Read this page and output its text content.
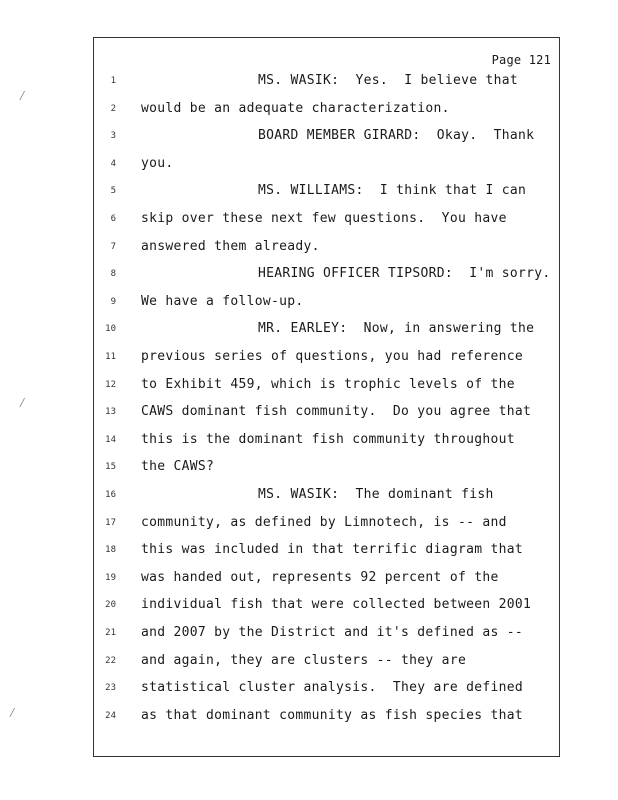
⁄
⁄
⁄
Page 121
1	MS. WASIK:  Yes.  I believe that
2 would be an adequate characterization.
3	BOARD MEMBER GIRARD:  Okay.  Thank
4 you.
5	MS. WILLIAMS:  I think that I can
6 skip over these next few questions.  You have
7 answered them already.
8	HEARING OFFICER TIPSORD:  I'm sorry.
9 We have a follow-up.
10	MR. EARLEY:  Now, in answering the
11 previous series of questions, you had reference
12 to Exhibit 459, which is trophic levels of the
13 CAWS dominant fish community.  Do you agree that
14 this is the dominant fish community throughout
15 the CAWS?
16	MS. WASIK:  The dominant fish
17 community, as defined by Limnotech, is -- and
18 this was included in that terrific diagram that
19 was handed out, represents 92 percent of the
20 individual fish that were collected between 2001
21 and 2007 by the District and it's defined as --
22 and again, they are clusters -- they are
23 statistical cluster analysis.  They are defined
24 as that dominant community as fish species that
